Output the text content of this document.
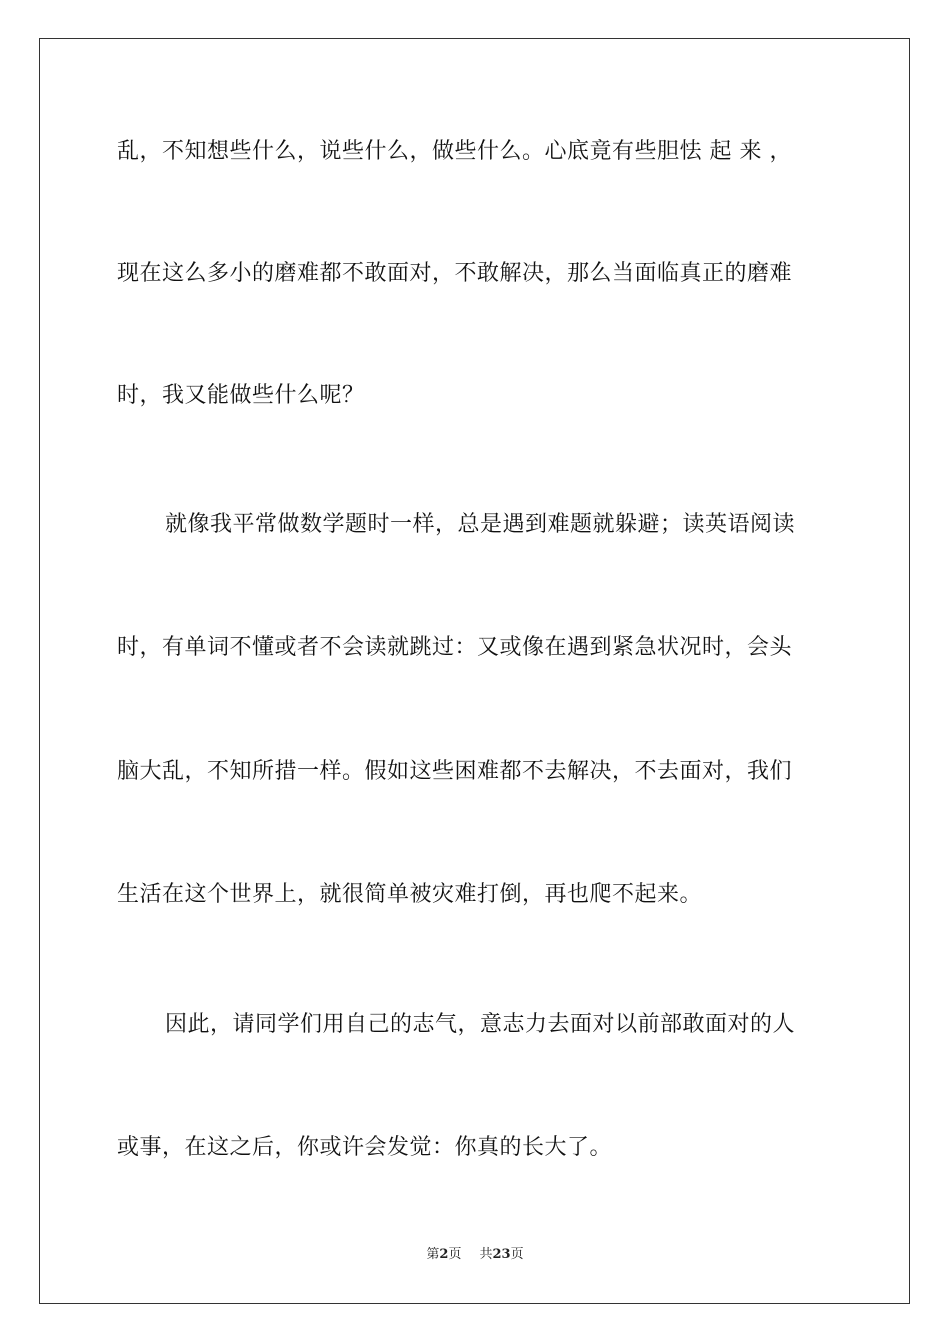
乱，不知想些什么，说些什么，做些什么。心底竟有些胆怯 起 来 ，
现在这么多小的磨难都不敢面对，不敢解决，那么当面临真正的磨难
时，我又能做些什么呢？
就像我平常做数学题时一样，总是遇到难题就躲避；读英语阅读
时，有单词不懂或者不会读就跳过：又或像在遇到紧急状况时，会头
脑大乱，不知所措一样。假如这些困难都不去解决，不去面对，我们
生活在这个世界上，就很简单被灾难打倒，再也爬不起来。
因此，请同学们用自己的志气，意志力去面对以前部敢面对的人
或事，在这之后，你或许会发觉：你真的长大了。
第2页 共23页
